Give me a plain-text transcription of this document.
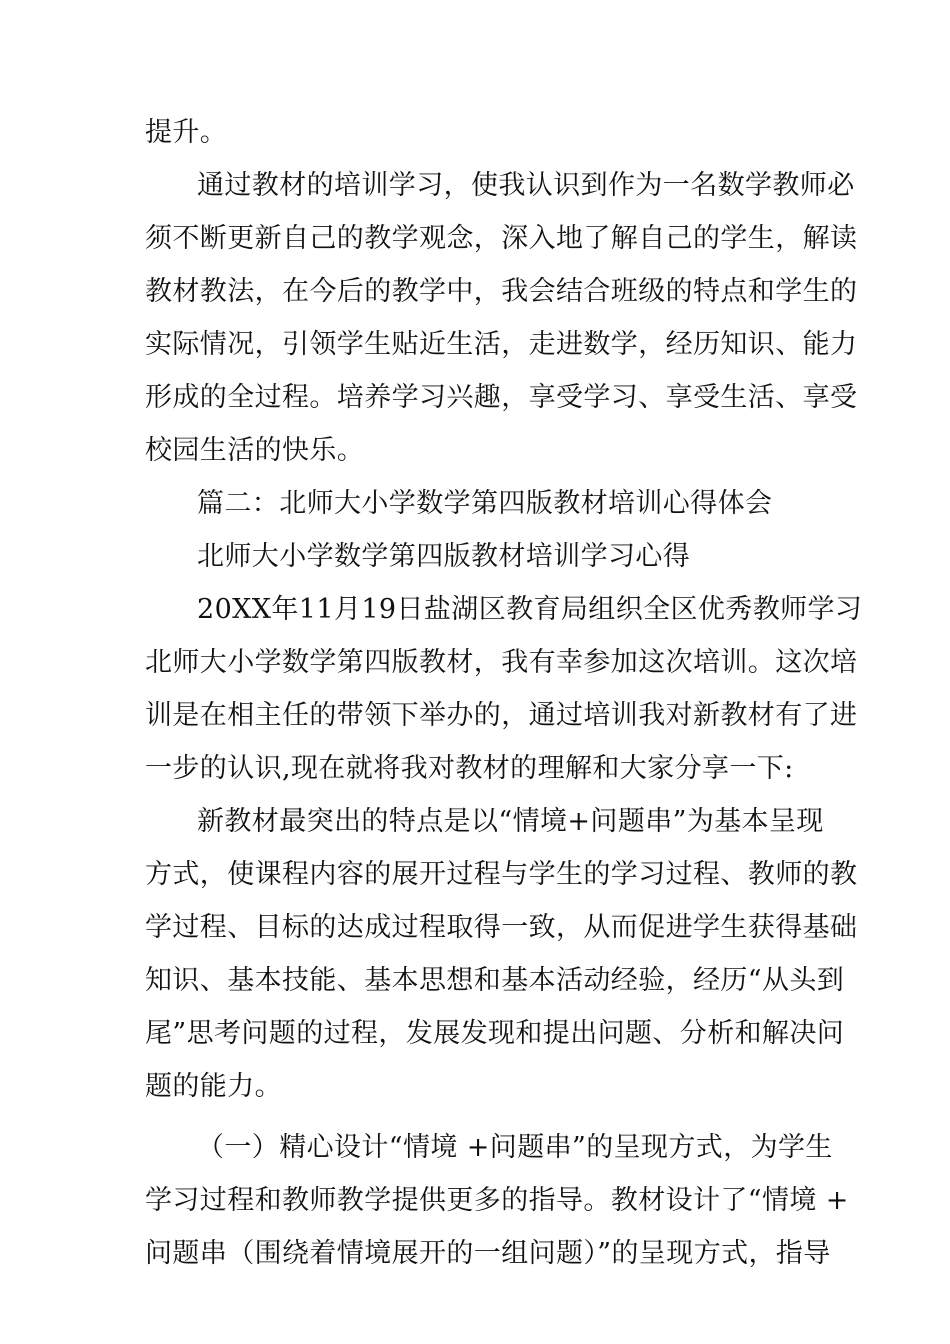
提升。
通过教材的培训学习，使我认识到作为一名数学教师必
须不断更新自己的教学观念，深入地了解自己的学生，解读
教材教法，在今后的教学中，我会结合班级的特点和学生的
实际情况，引领学生贴近生活，走进数学，经历知识、能力
形成的全过程。培养学习兴趣，享受学习、享受生活、享受
校园生活的快乐。
篇二：北师大小学数学第四版教材培训心得体会
北师大小学数学第四版教材培训学习心得
20XX年11月19日盐湖区教育局组织全区优秀教师学习
北师大小学数学第四版教材，我有幸参加这次培训。这次培
训是在相主任的带领下举办的，通过培训我对新教材有了进
一步的认识,现在就将我对教材的理解和大家分享一下:
新教材最突出的特点是以“情境+问题串”为基本呈现
方式，使课程内容的展开过程与学生的学习过程、教师的教
学过程、目标的达成过程取得一致，从而促进学生获得基础
知识、基本技能、基本思想和基本活动经验，经历“从头到
尾”思考问题的过程，发展发现和提出问题、分析和解决问
题的能力。
（一）精心设计“情境 +问题串”的呈现方式，为学生
学习过程和教师教学提供更多的指导。教材设计了“情境 +
问题串（围绕着情境展开的一组问题）”的呈现方式，指导
